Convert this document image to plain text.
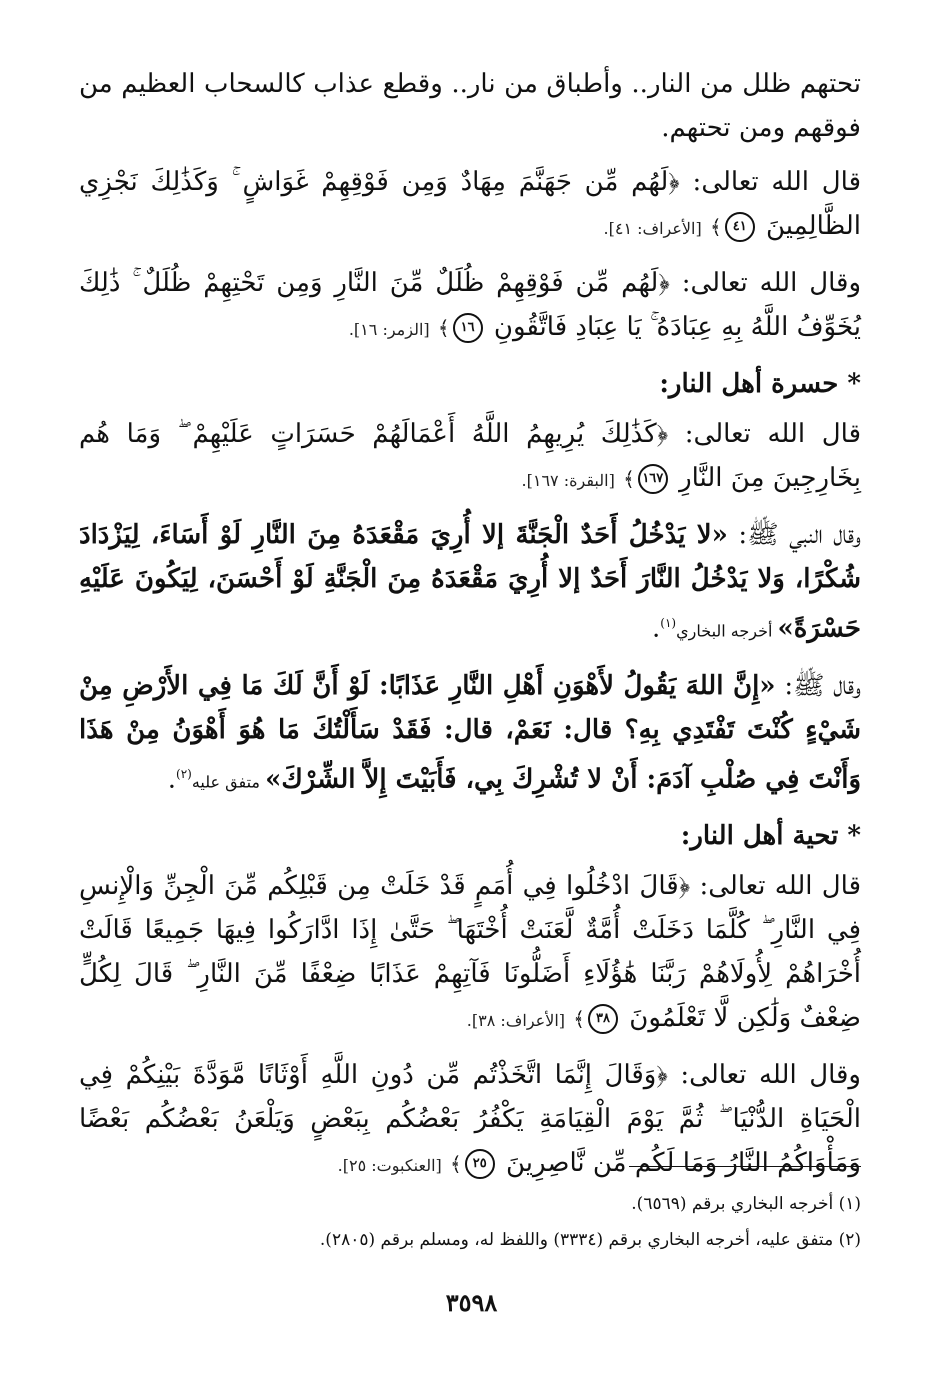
تحتهم ظلل من النار.. وأطباق من نار.. وقطع عذاب كالسحاب العظيم من فوقهم ومن تحتهم.

قال الله تعالى: ﴿لَهُم مِّن جَهَنَّمَ مِهَادٌ وَمِن فَوْقِهِمْ غَوَاشٍ ۚ وَكَذَٰلِكَ نَجْزِي الظَّالِمِينَ ٤١﴾ [الأعراف: ٤١].

وقال الله تعالى: ﴿لَهُم مِّن فَوْقِهِمْ ظُلَلٌ مِّنَ النَّارِ وَمِن تَحْتِهِمْ ظُلَلٌ ۚ ذَٰلِكَ يُخَوِّفُ اللَّهُ بِهِ عِبَادَهُ ۚ يَا عِبَادِ فَاتَّقُونِ ١٦﴾ [الزمر: ١٦].

* حسرة أهل النار:

قال الله تعالى: ﴿كَذَٰلِكَ يُرِيهِمُ اللَّهُ أَعْمَالَهُمْ حَسَرَاتٍ عَلَيْهِمْ ۖ وَمَا هُم بِخَارِجِينَ مِنَ النَّارِ ١٦٧﴾ [البقرة: ١٦٧].

وقال النبي ﷺ: «لا يَدْخُلُ أَحَدٌ الْجَنَّةَ إلا أُرِيَ مَقْعَدَهُ مِنَ النَّارِ لَوْ أَسَاءَ، لِيَزْدَادَ شُكْرًا، وَلا يَدْخُلُ النَّارَ أَحَدٌ إلا أُرِيَ مَقْعَدَهُ مِنَ الْجَنَّةِ لَوْ أَحْسَنَ، لِيَكُونَ عَلَيْهِ حَسْرَةً» أخرجه البخاري$^{(١)}$.

وقال ﷺ: «إِنَّ اللهَ يَقُولُ لأَهْوَنِ أَهْلِ النَّارِ عَذَابًا: لَوْ أَنَّ لَكَ مَا فِي الأَرْضِ مِنْ شَيْءٍ كُنْتَ تَفْتَدِي بِهِ؟ قال: نَعَمْ، قال: فَقَدْ سَأَلْتُكَ مَا هُوَ أَهْوَنُ مِنْ هَذَا وَأَنْتَ فِي صُلْبِ آدَمَ: أَنْ لا تُشْرِكَ بِي، فَأَبَيْتَ إِلاَّ الشِّرْكَ» متفق عليه$^{(٢)}$.

* تحية أهل النار:

قال الله تعالى: ﴿قَالَ ادْخُلُوا فِي أُمَمٍ قَدْ خَلَتْ مِن قَبْلِكُم مِّنَ الْجِنِّ وَالْإِنسِ فِي النَّارِ ۖ كُلَّمَا دَخَلَتْ أُمَّةٌ لَّعَنَتْ أُخْتَهَا ۖ حَتَّىٰ إِذَا ادَّارَكُوا فِيهَا جَمِيعًا قَالَتْ أُخْرَاهُمْ لِأُولَاهُمْ رَبَّنَا هَٰؤُلَاءِ أَضَلُّونَا فَآتِهِمْ عَذَابًا ضِعْفًا مِّنَ النَّارِ ۖ قَالَ لِكُلٍّ ضِعْفٌ وَلَٰكِن لَّا تَعْلَمُونَ ٣٨﴾ [الأعراف: ٣٨].

وقال الله تعالى: ﴿وَقَالَ إِنَّمَا اتَّخَذْتُم مِّن دُونِ اللَّهِ أَوْثَانًا مَّوَدَّةَ بَيْنِكُمْ فِي الْحَيَاةِ الدُّنْيَا ۖ ثُمَّ يَوْمَ الْقِيَامَةِ يَكْفُرُ بَعْضُكُم بِبَعْضٍ وَيَلْعَنُ بَعْضُكُم بَعْضًا وَمَأْوَاكُمُ النَّارُ وَمَا لَكُم مِّن نَّاصِرِينَ ٢٥﴾ [العنكبوت: ٢٥].

(١) أخرجه البخاري برقم (٦٥٦٩).

(٢) متفق عليه، أخرجه البخاري برقم (٣٣٣٤) واللفظ له، ومسلم برقم (٢٨٠٥).

٣٥٩٨
